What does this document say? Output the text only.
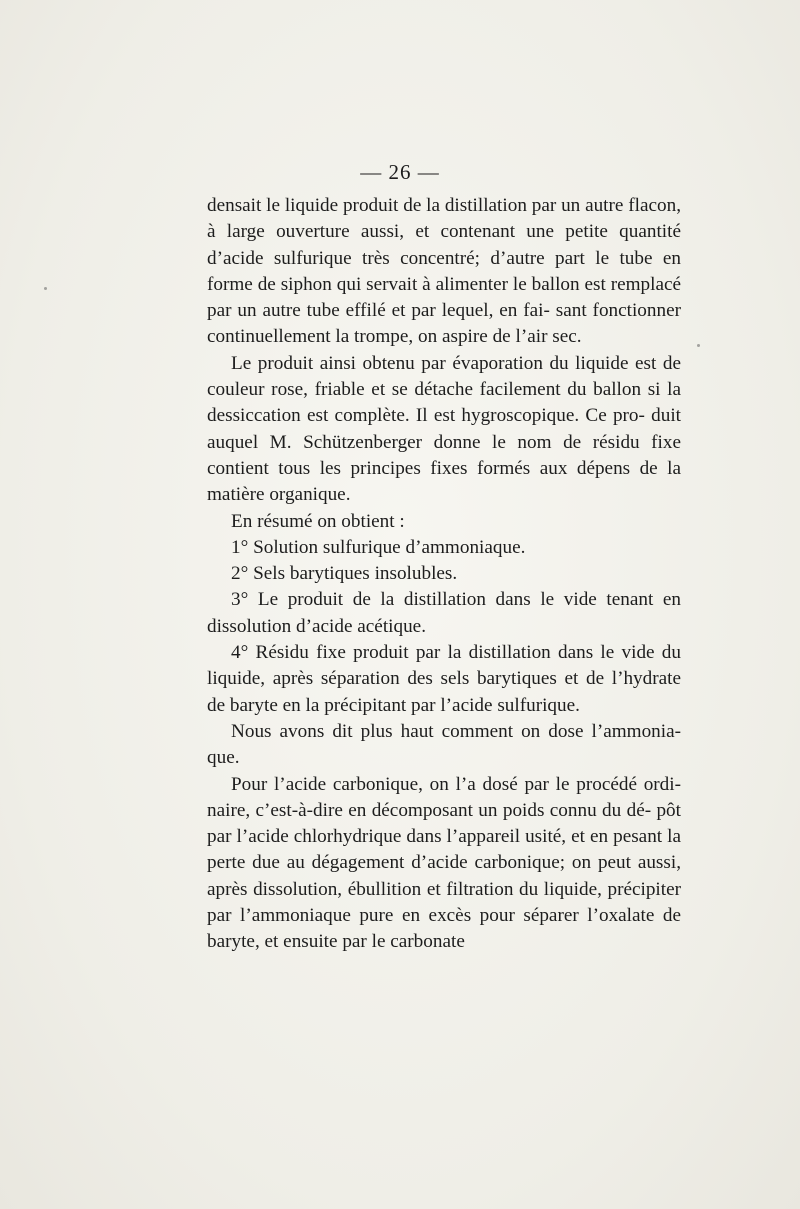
— 26 —

densait le liquide produit de la distillation par un autre flacon, à large ouverture aussi, et contenant une petite quantité d’acide sulfurique très concentré; d’autre part le tube en forme de siphon qui servait à alimenter le ballon est remplacé par un autre tube effilé et par lequel, en fai- sant fonctionner continuellement la trompe, on aspire de l’air sec.

Le produit ainsi obtenu par évaporation du liquide est de couleur rose, friable et se détache facilement du ballon si la dessiccation est complète. Il est hygroscopique. Ce pro- duit auquel M. Schützenberger donne le nom de résidu fixe contient tous les principes fixes formés aux dépens de la matière organique.

En résumé on obtient :

1° Solution sulfurique d’ammoniaque.

2° Sels barytiques insolubles.

3° Le produit de la distillation dans le vide tenant en dissolution d’acide acétique.

4° Résidu fixe produit par la distillation dans le vide du liquide, après séparation des sels barytiques et de l’hydrate de baryte en la précipitant par l’acide sulfurique.

Nous avons dit plus haut comment on dose l’ammonia- que.

Pour l’acide carbonique, on l’a dosé par le procédé ordi- naire, c’est-à-dire en décomposant un poids connu du dé- pôt par l’acide chlorhydrique dans l’appareil usité, et en pesant la perte due au dégagement d’acide carbonique; on peut aussi, après dissolution, ébullition et filtration du liquide, précipiter par l’ammoniaque pure en excès pour séparer l’oxalate de baryte, et ensuite par le carbonate
